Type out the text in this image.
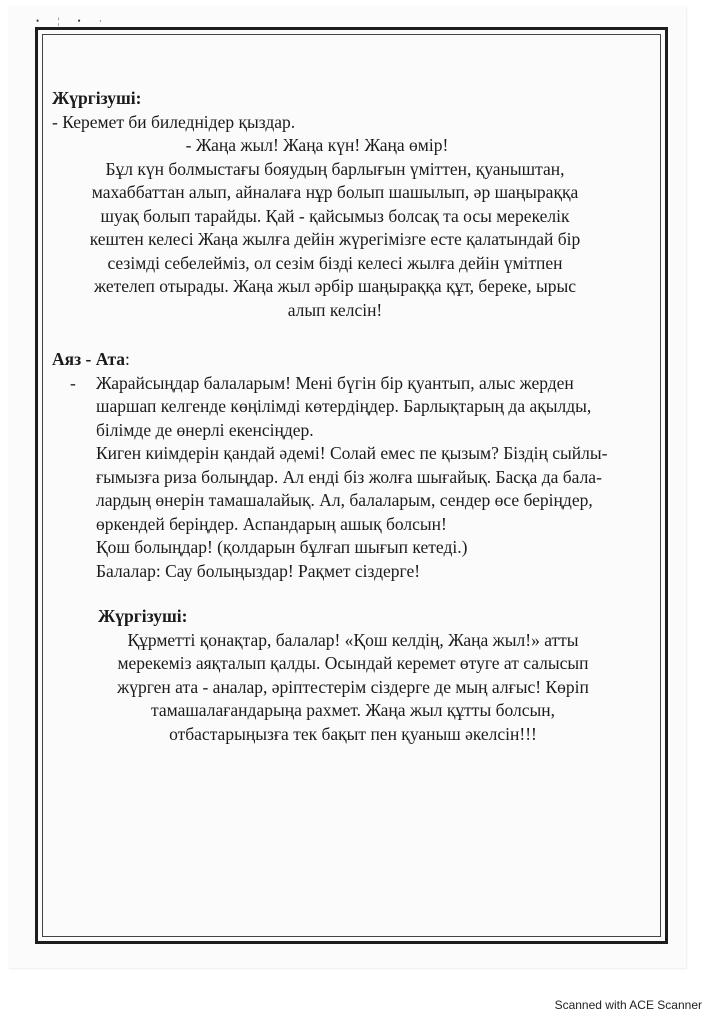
• ¦ • ·
Жүргізуші:
- Керемет би биледнідер қыздар.
- Жаңа жыл! Жаңа күн! Жаңа өмір!
Бұл күн болмыстағы бояудың барлығын үміттен, қуаныштан,
махаббаттан алып, айналаға нұр болып шашылып, әр шаңыраққа
шуақ болып тарайды. Қай - қайсымыз болсақ та осы мерекелік
кештен келесі Жаңа жылға дейін жүрегімізге есте қалатындай бір
сезімді себелейміз, ол сезім бізді келесі жылға дейін үмітпен
жетелеп отырады. Жаңа жыл әрбір шаңыраққа құт, береке, ырыс
алып келсін!
Аяз - Ата:
- Жарайсыңдар балаларым! Мені бүгін бір қуантып, алыс жерден
шаршап келгенде көңілімді көтердіңдер. Барлықтарың да ақылды,
білімде де өнерлі екенсіңдер.
Киген киімдерін қандай әдемі! Солай емес пе қызым? Біздің сыйлы-
ғымызға риза болыңдар. Ал енді біз жолға шығайық. Басқа да бала-
лардың өнерін тамашалайық. Ал, балаларым, сендер өсе беріңдер,
өркендей беріңдер. Аспандарың ашық болсын!
Қош болыңдар! (қолдарын бұлғап шығып кетеді.)
Балалар: Сау болыңыздар! Рақмет сіздерге!
Жүргізуші:
Құрметті қонақтар, балалар! «Қош келдің, Жаңа жыл!» атты
мерекеміз аяқталып қалды. Осындай керемет өтуге ат салысып
жүрген ата - аналар, әріптестерім сіздерге де мың алғыс! Көріп
тамашалағандарыңа рахмет. Жаңа жыл құтты болсын,
отбастарыңызға тек бақыт пен қуаныш әкелсін!!!
Scanned with ACE Scanner
